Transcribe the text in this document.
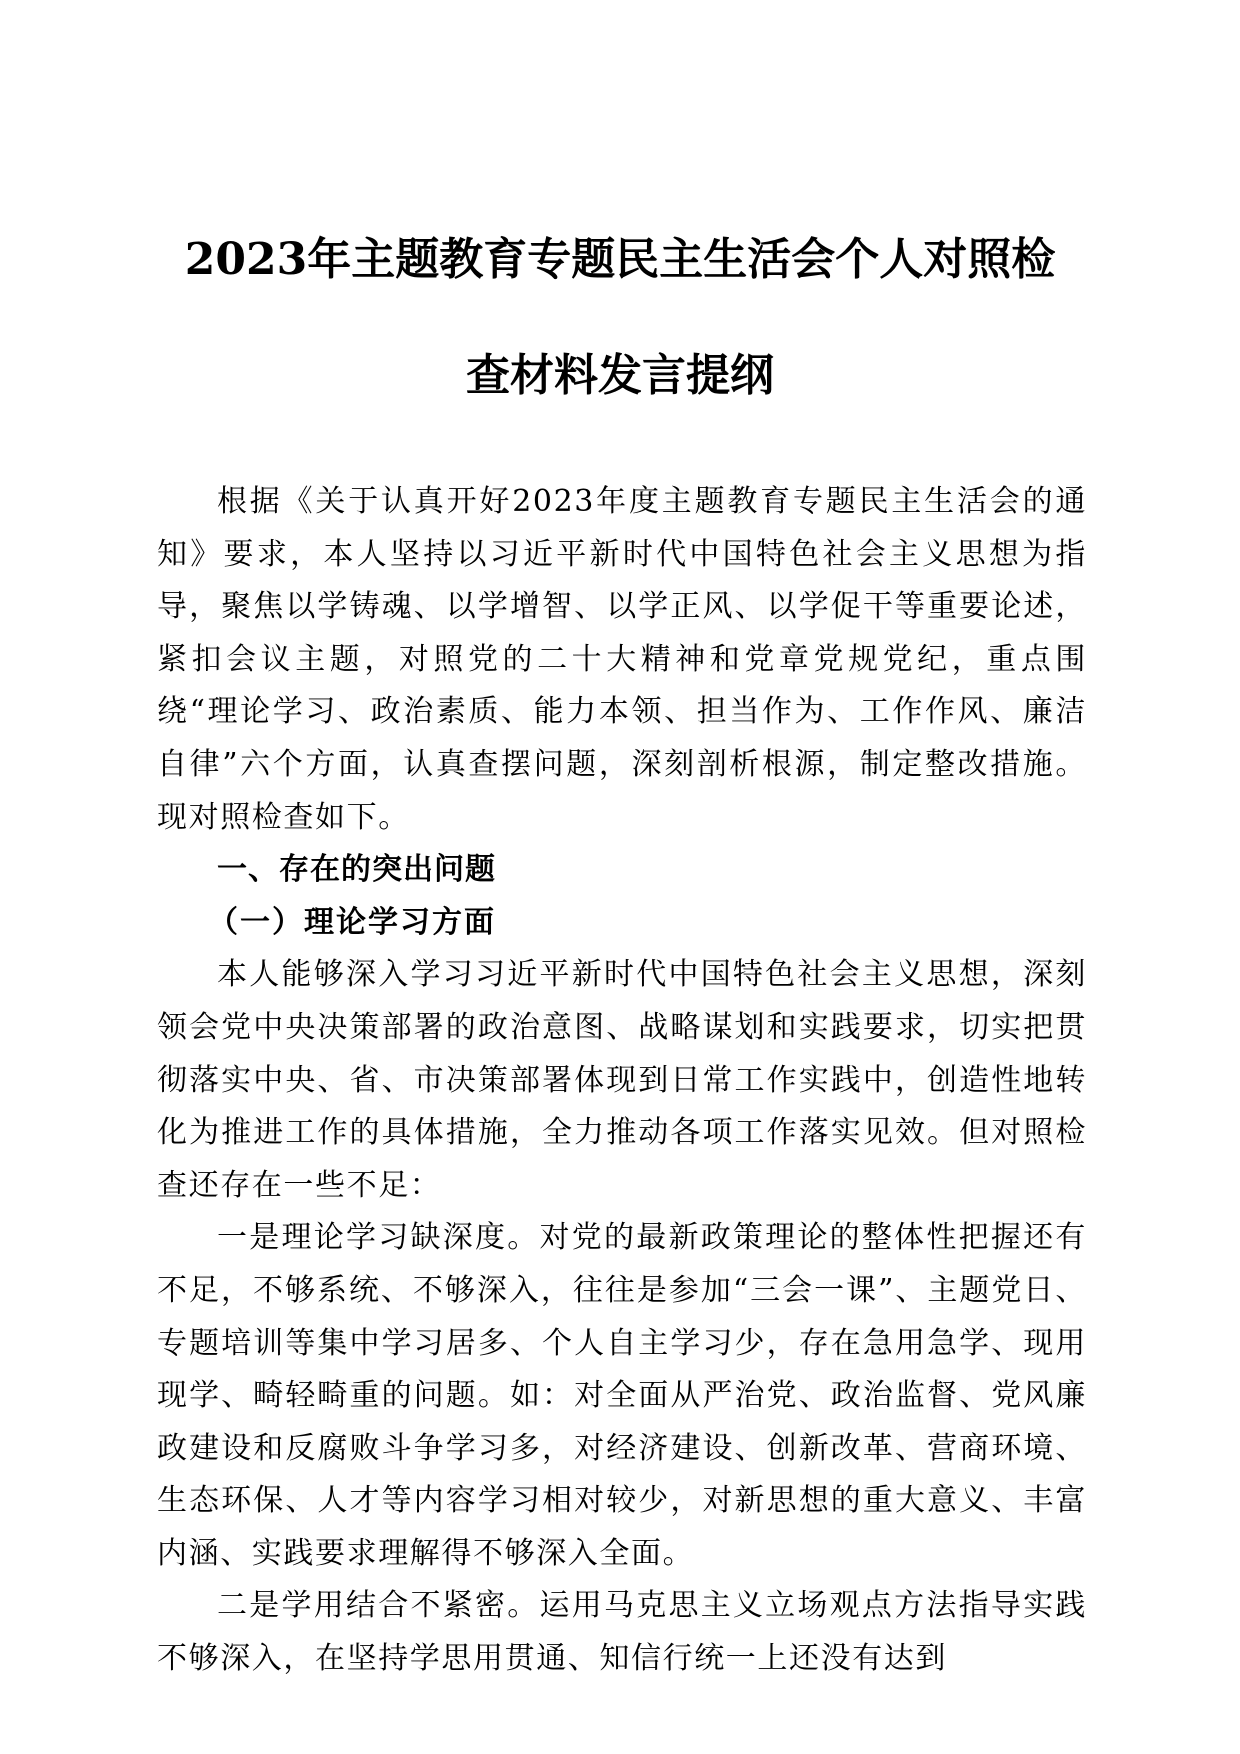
2023年主题教育专题民主生活会个人对照检
查材料发言提纲

根据《关于认真开好2023年度主题教育专题民主生活会的通知》要求，本人坚持以习近平新时代中国特色社会主义思想为指导，聚焦以学铸魂、以学增智、以学正风、以学促干等重要论述，紧扣会议主题，对照党的二十大精神和党章党规党纪，重点围绕“理论学习、政治素质、能力本领、担当作为、工作作风、廉洁自律”六个方面，认真查摆问题，深刻剖析根源，制定整改措施。现对照检查如下。

一、存在的突出问题

（一）理论学习方面

本人能够深入学习习近平新时代中国特色社会主义思想，深刻领会党中央决策部署的政治意图、战略谋划和实践要求，切实把贯彻落实中央、省、市决策部署体现到日常工作实践中，创造性地转化为推进工作的具体措施，全力推动各项工作落实见效。但对照检查还存在一些不足：

一是理论学习缺深度。对党的最新政策理论的整体性把握还有不足，不够系统、不够深入，往往是参加“三会一课”、主题党日、专题培训等集中学习居多、个人自主学习少，存在急用急学、现用现学、畸轻畸重的问题。如：对全面从严治党、政治监督、党风廉政建设和反腐败斗争学习多，对经济建设、创新改革、营商环境、生态环保、人才等内容学习相对较少，对新思想的重大意义、丰富内涵、实践要求理解得不够深入全面。

二是学用结合不紧密。运用马克思主义立场观点方法指导实践不够深入，在坚持学思用贯通、知信行统一上还没有达到
